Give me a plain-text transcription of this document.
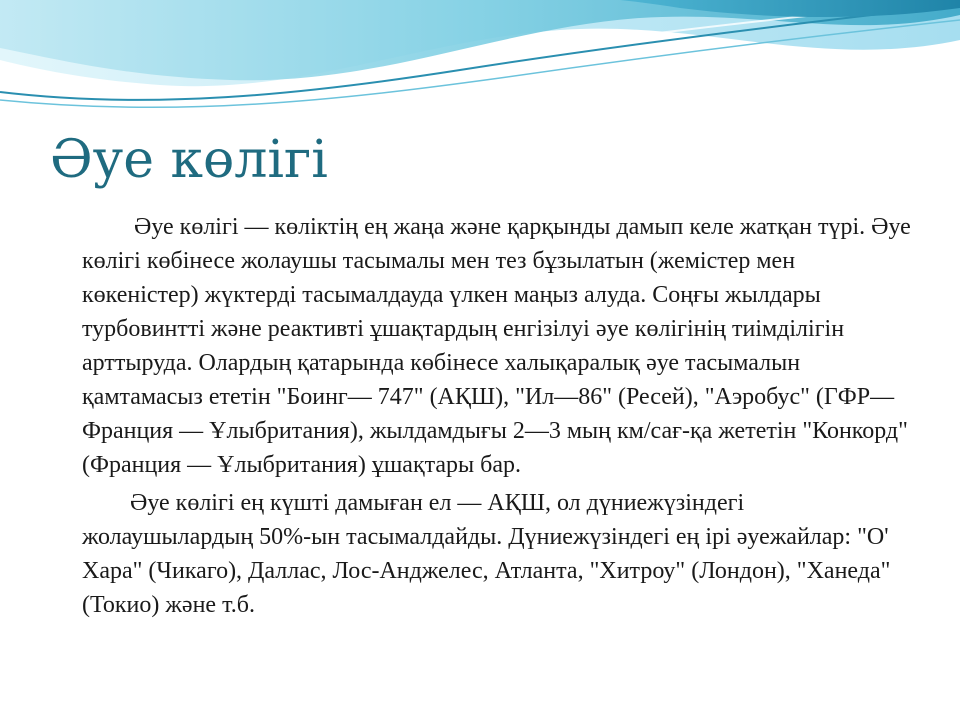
Әуе көлігі

Әуе көлігі — көліктің ең жаңа және қарқынды дамып келе жатқан түрі. Әуе көлігі көбінесе жолаушы тасымалы мен тез бұзылатын (жемістер мен көкеністер) жүктерді тасымалдауда үлкен маңыз алуда. Соңғы жылдары турбовинтті және реактивті ұшақтардың енгізілуі әуе көлігінің тиімділігін арттыруда. Олардың қатарында көбінесе халықаралық әуе тасымалын қамтамасыз ететін "Боинг— 747" (АҚШ), "Ил—86" (Ресей), "Аэробус" (ГФР—Франция — Ұлыбритания), жылдамдығы 2—3 мың км/сағ-қа жететін "Конкорд" (Франция — Ұлыбритания) ұшақтары бар.

Әуе көлігі ең күшті дамыған ел — АҚШ, ол дүниежүзіндегі жолаушылардың 50%-ын тасымалдайды. Дүниежүзіндегі ең ірі әуежайлар: "О' Хара" (Чикаго), Даллас, Лос-Анджелес, Атланта, "Хитроу" (Лондон), "Ханеда" (Токио) және т.б.
